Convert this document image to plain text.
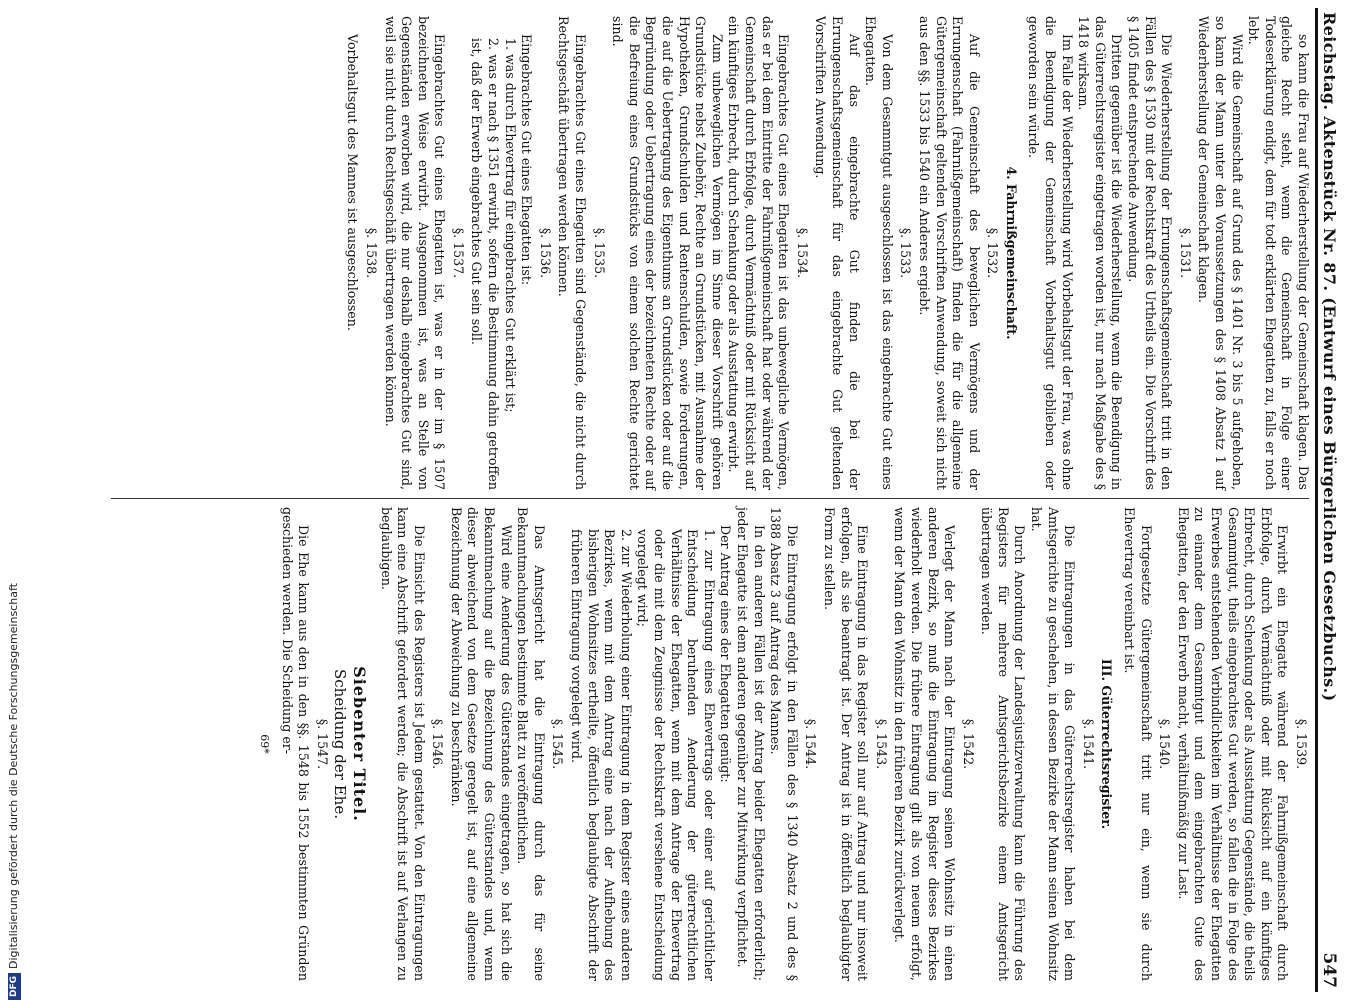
DFG
Digitalisierung gefördert durch die Deutsche Forschungsgemeinschaft
Reichstag. Aktenstück Nr. 87. (Entwurf eines Bürgerlichen Gesetzbuchs.)
547

so kann die Frau auf Wiederherstellung der Gemeinschaft klagen. Das gleiche Recht steht, wenn die Gemeinschaft in Folge einer Todeserklärung endigt, dem für todt erklärten Ehegatten zu, falls er noch lebt.

Wird die Gemeinschaft auf Grund des § 1401 Nr. 3 bis 5 aufgehoben, so kann der Mann unter den Voraussetzungen des § 1408 Absatz 1 auf Wiederherstellung der Gemeinschaft klagen.

§. 1531.

Die Wiederherstellung der Errungenschaftsgemeinschaft tritt in den Fällen des § 1530 mit der Rechtskraft des Urtheils ein. Die Vorschrift des § 1405 findet entsprechende Anwendung.

Dritten gegenüber ist die Wiederherstellung, wenn die Beendigung in das Güterrechtsregister eingetragen worden ist, nur nach Maßgabe des § 1418 wirksam.

Im Falle der Wiederherstellung wird Vorbehaltsgut der Frau, was ohne die Beendigung der Gemeinschaft Vorbehaltsgut geblieben oder geworden sein würde.

4. Fahrnißgemeinschaft.
§. 1532.

Auf die Gemeinschaft des beweglichen Vermögens und der Errungenschaft (Fahrnißgemeinschaft) finden die für die allgemeine Gütergemeinschaft geltenden Vorschriften Anwendung, soweit sich nicht aus den §§. 1533 bis 1540 ein Anderes ergiebt.

§. 1533.

Von dem Gesammtgut ausgeschlossen ist das eingebrachte Gut eines Ehegatten.

Auf das eingebrachte Gut finden die bei der Errungenschaftsgemeinschaft für das eingebrachte Gut geltenden Vorschriften Anwendung.

§. 1534.

Eingebrachtes Gut eines Ehegatten ist das unbewegliche Vermögen, das er bei dem Eintritte der Fahrnißgemeinschaft hat oder während der Gemeinschaft durch Erbfolge, durch Vermächtniß oder mit Rücksicht auf ein künftiges Erbrecht, durch Schenkung oder als Ausstattung erwirbt.

Zum unbeweglichen Vermögen im Sinne dieser Vorschrift gehören Grundstücke nebst Zubehör, Rechte an Grundstücken, mit Ausnahme der Hypotheken, Grundschulden und Rentenschulden, sowie Forderungen, die auf die Uebertragung des Eigenthums an Grundstücken oder auf die Begründung oder Uebertragung eines der bezeichneten Rechte oder auf die Befreiung eines Grundstücks von einem solchen Rechte gerichtet sind.

§. 1535.

Eingebrachtes Gut eines Ehegatten sind Gegenstände, die nicht durch Rechtsgeschäft übertragen werden können.

§. 1536.

Eingebrachtes Gut eines Ehegatten ist:

1. was durch Ehevertrag für eingebrachtes Gut erklärt ist;

2. was er nach § 1351 erwirbt, sofern die Bestimmung dahin getroffen ist, daß der Erwerb eingebrachtes Gut sein soll.

§. 1537.

Eingebrachtes Gut eines Ehegatten ist, was er in der im § 1507 bezeichneten Weise erwirbt. Ausgenommen ist, was an Stelle von Gegenständen erworben wird, die nur deshalb eingebrachtes Gut sind, weil sie nicht durch Rechtsgeschäft übertragen werden können.

§. 1538.

Vorbehaltsgut des Mannes ist ausgeschlossen.

§. 1539.

Erwirbt ein Ehegatte während der Fahrnißgemeinschaft durch Erbfolge, durch Vermächtniß oder mit Rücksicht auf ein künftiges Erbrecht, durch Schenkung oder als Ausstattung Gegenstände, die theils Gesammtgut, theils eingebrachtes Gut werden, so fallen die in Folge des Erwerbes entstehenden Verbindlichkeiten im Verhältnisse der Ehegatten zu einander dem Gesammtgut und dem eingebrachten Gute des Ehegatten, der den Erwerb macht, verhältnißmäßig zur Last.

§. 1540.

Fortgesetzte Gütergemeinschaft tritt nur ein, wenn sie durch Ehevertrag vereinbart ist.

III. Güterrechtsregister.
§. 1541.

Die Eintragungen in das Güterrechtsregister haben bei dem Amtsgerichte zu geschehen, in dessen Bezirke der Mann seinen Wohnsitz hat.

Durch Anordnung der Landesjustizverwaltung kann die Führung des Registers für mehrere Amtsgerichtsbezirke einem Amtsgericht übertragen werden.

§. 1542.

Verlegt der Mann nach der Eintragung seinen Wohnsitz in einen anderen Bezirk, so muß die Eintragung im Register dieses Bezirkes wiederholt werden. Die frühere Eintragung gilt als von neuem erfolgt, wenn der Mann den Wohnsitz in den früheren Bezirk zurückverlegt.

§. 1543.

Eine Eintragung in das Register soll nur auf Antrag und nur insoweit erfolgen, als sie beantragt ist. Der Antrag ist in öffentlich beglaubigter Form zu stellen.

§. 1544.

Die Eintragung erfolgt in den Fällen des § 1340 Absatz 2 und des § 1388 Absatz 3 auf Antrag des Mannes.

In den anderen Fällen ist der Antrag beider Ehegatten erforderlich; jeder Ehegatte ist dem anderen gegenüber zur Mitwirkung verpflichtet.

Der Antrag eines der Ehegatten genügt:

1. zur Eintragung eines Ehevertrags oder einer auf gerichtlicher Entscheidung beruhenden Aenderung der güterrechtlichen Verhältnisse der Ehegatten, wenn mit dem Antrage der Ehevertrag oder die mit dem Zeugnisse der Rechtskraft versehene Entscheidung vorgelegt wird;

2. zur Wiederholung einer Eintragung in dem Register eines anderen Bezirkes, wenn mit dem Antrag eine nach der Aufhebung des bisherigen Wohnsitzes ertheilte, öffentlich beglaubigte Abschrift der früheren Eintragung vorgelegt wird.

§. 1545.

Das Amtsgericht hat die Eintragung durch das für seine Bekanntmachungen bestimmte Blatt zu veröffentlichen.

Wird eine Aenderung des Güterstandes eingetragen, so hat sich die Bekanntmachung auf die Bezeichnung des Güterstandes und, wenn dieser abweichend von dem Gesetze geregelt ist, auf eine allgemeine Bezeichnung der Abweichung zu beschränken.

§. 1546.

Die Einsicht des Registers ist Jedem gestattet. Von den Eintragungen kann eine Abschrift gefordert werden; die Abschrift ist auf Verlangen zu beglaubigen.

Siebenter Titel.
Scheidung der Ehe.
§. 1547.

Die Ehe kann aus den in den §§. 1548 bis 1552 bestimmten Gründen geschieden werden. Die Scheidung er-

69*
